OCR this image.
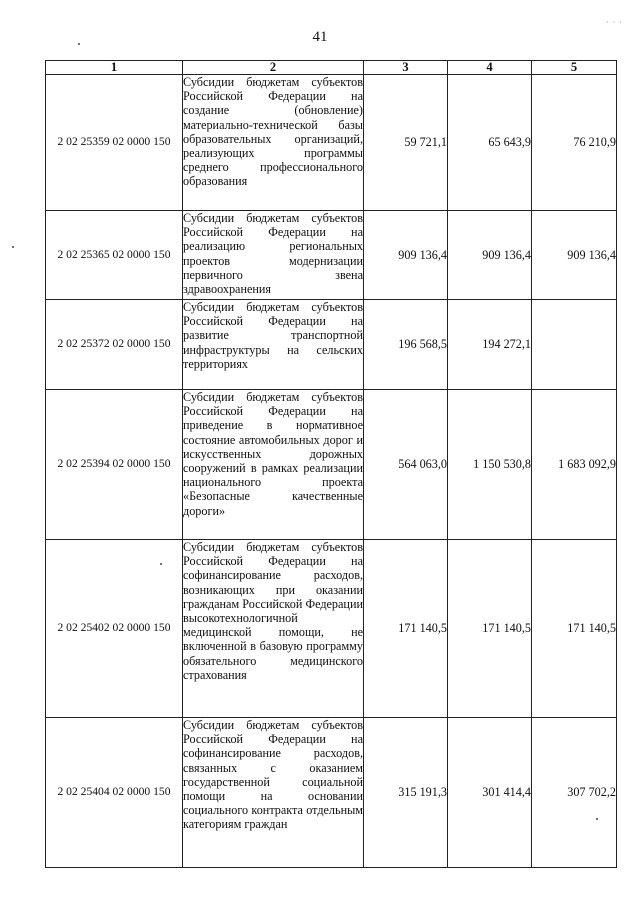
41
· · ·
1	2	3	4	5
2 02 25359 02 0000 150	Субсидии бюджетам субъектов Российской Федерации на создание (обновление) материально-технической базы образовательных организаций, реализующих программы среднего профессионального образования	59 721,1	65 643,9	76 210,9
2 02 25365 02 0000 150	Субсидии бюджетам субъектов Российской Федерации на реализацию региональных проектов модернизации первичного звена здравоохранения	909 136,4	909 136,4	909 136,4
2 02 25372 02 0000 150	Субсидии бюджетам субъектов Российской Федерации на развитие транспортной инфраструктуры на сельских территориях	196 568,5	194 272,1	
2 02 25394 02 0000 150	Субсидии бюджетам субъектов Российской Федерации на приведение в нормативное состояние автомобильных дорог и искусственных дорожных сооружений в рамках реализации национального проекта «Безопасные качественные дороги»	564 063,0	1 150 530,8	1 683 092,9
2 02 25402 02 0000 150	Субсидии бюджетам субъектов Российской Федерации на софинансирование расходов, возникающих при оказании гражданам Российской Федерации высокотехнологичной медицинской помощи, не включенной в базовую программу обязательного медицинского страхования	171 140,5	171 140,5	171 140,5
2 02 25404 02 0000 150	Субсидии бюджетам субъектов Российской Федерации на софинансирование расходов, связанных с оказанием государственной социальной помощи на основании социального контракта отдельным категориям граждан	315 191,3	301 414,4	307 702,2
